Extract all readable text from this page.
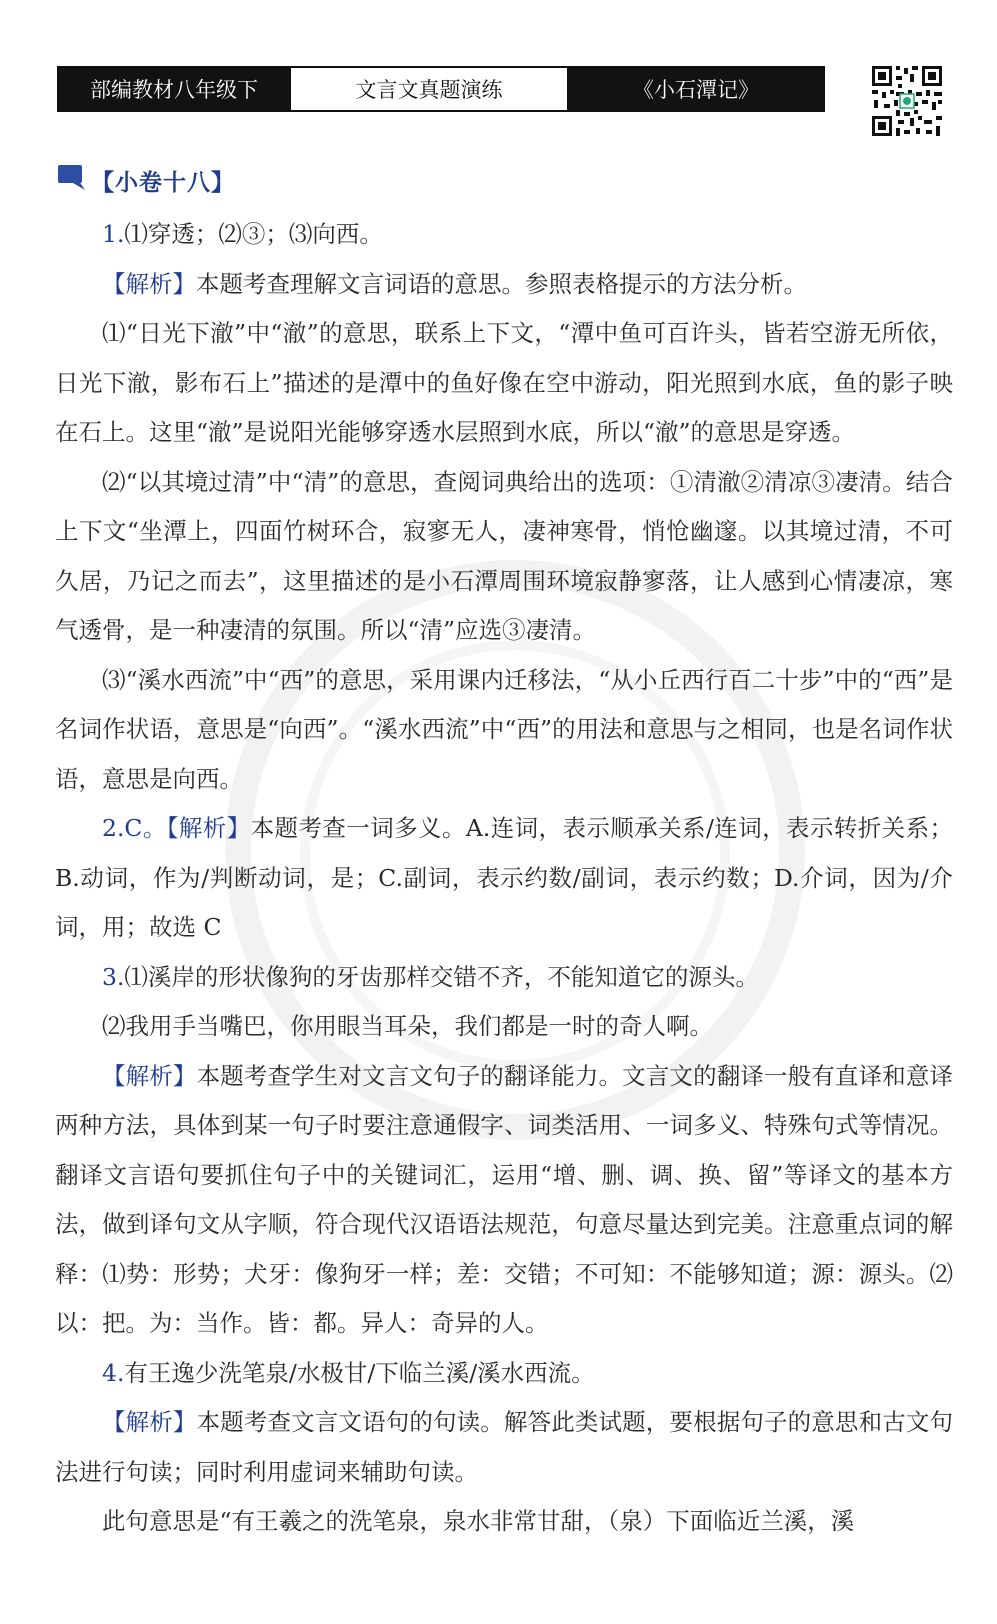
部编教材八年级下	文言文真题演练	《小石潭记》
【小卷十八】

1.⑴穿透；⑵③；⑶向西。

【解析】本题考查理解文言词语的意思。参照表格提示的方法分析。

⑴“日光下澈”中“澈”的意思，联系上下文，“潭中鱼可百许头，皆若空游无所依，日光下澈，影布石上”描述的是潭中的鱼好像在空中游动，阳光照到水底，鱼的影子映在石上。这里“澈”是说阳光能够穿透水层照到水底，所以“澈”的意思是穿透。

⑵“以其境过清”中“清”的意思，查阅词典给出的选项：①清澈②清凉③凄清。结合上下文“坐潭上，四面竹树环合，寂寥无人，凄神寒骨，悄怆幽邃。以其境过清，不可久居，乃记之而去”，这里描述的是小石潭周围环境寂静寥落，让人感到心情凄凉，寒气透骨，是一种凄清的氛围。所以“清”应选③凄清。

⑶“溪水西流”中“西”的意思，采用课内迁移法，“从小丘西行百二十步”中的“西”是名词作状语，意思是“向西”。“溪水西流”中“西”的用法和意思与之相同，也是名词作状语，意思是向西。

2.C。【解析】本题考查一词多义。A.连词，表示顺承关系/连词，表示转折关系；B.动词，作为/判断动词，是；C.副词，表示约数/副词，表示约数；D.介词，因为/介词，用；故选 C

3.⑴溪岸的形状像狗的牙齿那样交错不齐，不能知道它的源头。

⑵我用手当嘴巴，你用眼当耳朵，我们都是一时的奇人啊。

【解析】本题考查学生对文言文句子的翻译能力。文言文的翻译一般有直译和意译两种方法，具体到某一句子时要注意通假字、词类活用、一词多义、特殊句式等情况。翻译文言语句要抓住句子中的关键词汇，运用“增、删、调、换、留”等译文的基本方法，做到译句文从字顺，符合现代汉语语法规范，句意尽量达到完美。注意重点词的解释：⑴势：形势；犬牙：像狗牙一样；差：交错；不可知：不能够知道；源：源头。⑵以：把。为：当作。皆：都。异人：奇异的人。

4.有王逸少洗笔泉/水极甘/下临兰溪/溪水西流。

【解析】本题考查文言文语句的句读。解答此类试题，要根据句子的意思和古文句法进行句读；同时利用虚词来辅助句读。

此句意思是“有王羲之的洗笔泉，泉水非常甘甜，（泉）下面临近兰溪，溪
